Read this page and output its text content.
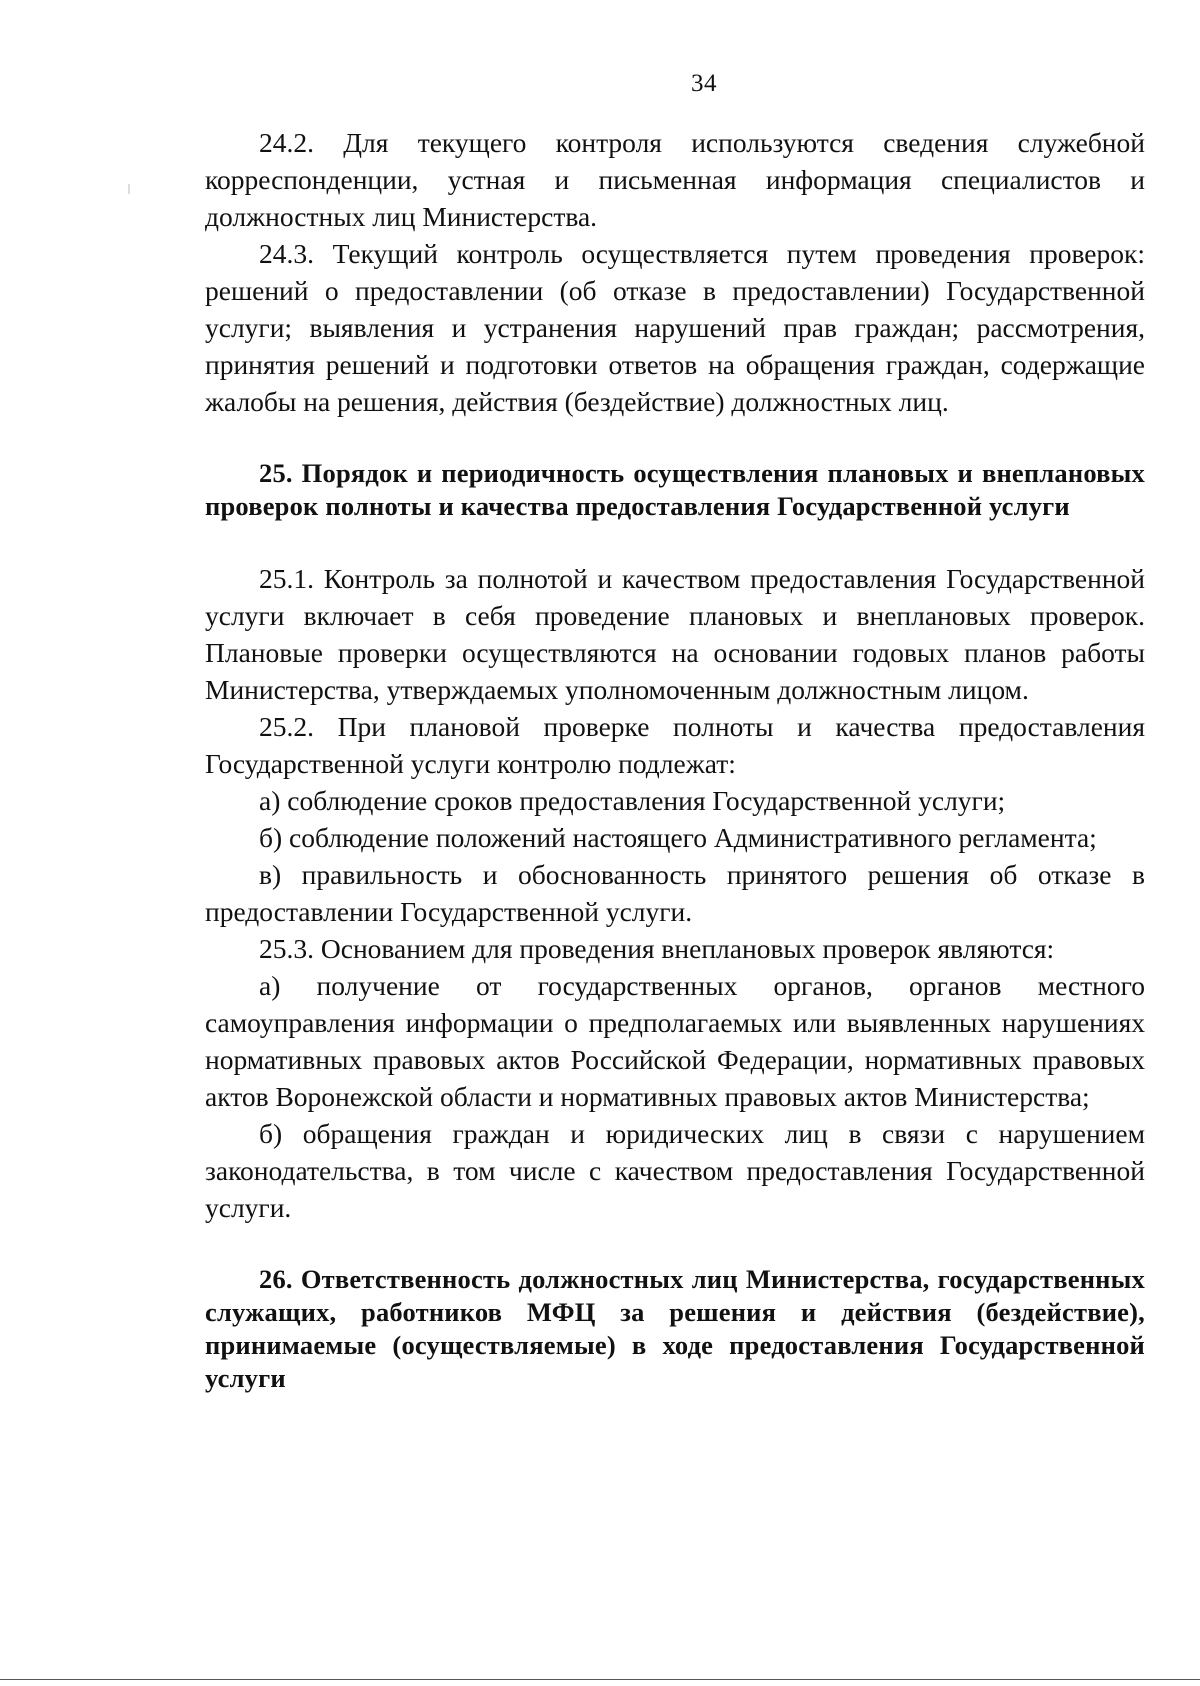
34

24.2. Для текущего контроля используются сведения служебной корреспонденции, устная и письменная информация специалистов и должностных лиц Министерства.

24.3. Текущий контроль осуществляется путем проведения проверок: решений о предоставлении (об отказе в предоставлении) Государственной услуги; выявления и устранения нарушений прав граждан; рассмотрения, принятия решений и подготовки ответов на обращения граждан, содержащие жалобы на решения, действия (бездействие) должностных лиц.

25. Порядок и периодичность осуществления плановых и внеплановых проверок полноты и качества предоставления Государственной услуги

25.1. Контроль за полнотой и качеством предоставления Государственной услуги включает в себя проведение плановых и внеплановых проверок. Плановые проверки осуществляются на основании годовых планов работы Министерства, утверждаемых уполномоченным должностным лицом.

25.2. При плановой проверке полноты и качества предоставления Государственной услуги контролю подлежат:

а) соблюдение сроков предоставления Государственной услуги;

б) соблюдение положений настоящего Административного регламента;

в) правильность и обоснованность принятого решения об отказе в предоставлении Государственной услуги.

25.3. Основанием для проведения внеплановых проверок являются:

а) получение от государственных органов, органов местного самоуправления информации о предполагаемых или выявленных нарушениях нормативных правовых актов Российской Федерации, нормативных правовых актов Воронежской области и нормативных правовых актов Министерства;

б) обращения граждан и юридических лиц в связи с нарушением законодательства, в том числе с качеством предоставления Государственной услуги.

26. Ответственность должностных лиц Министерства, государственных служащих, работников МФЦ за решения и действия (бездействие), принимаемые (осуществляемые) в ходе предоставления Государственной услуги
